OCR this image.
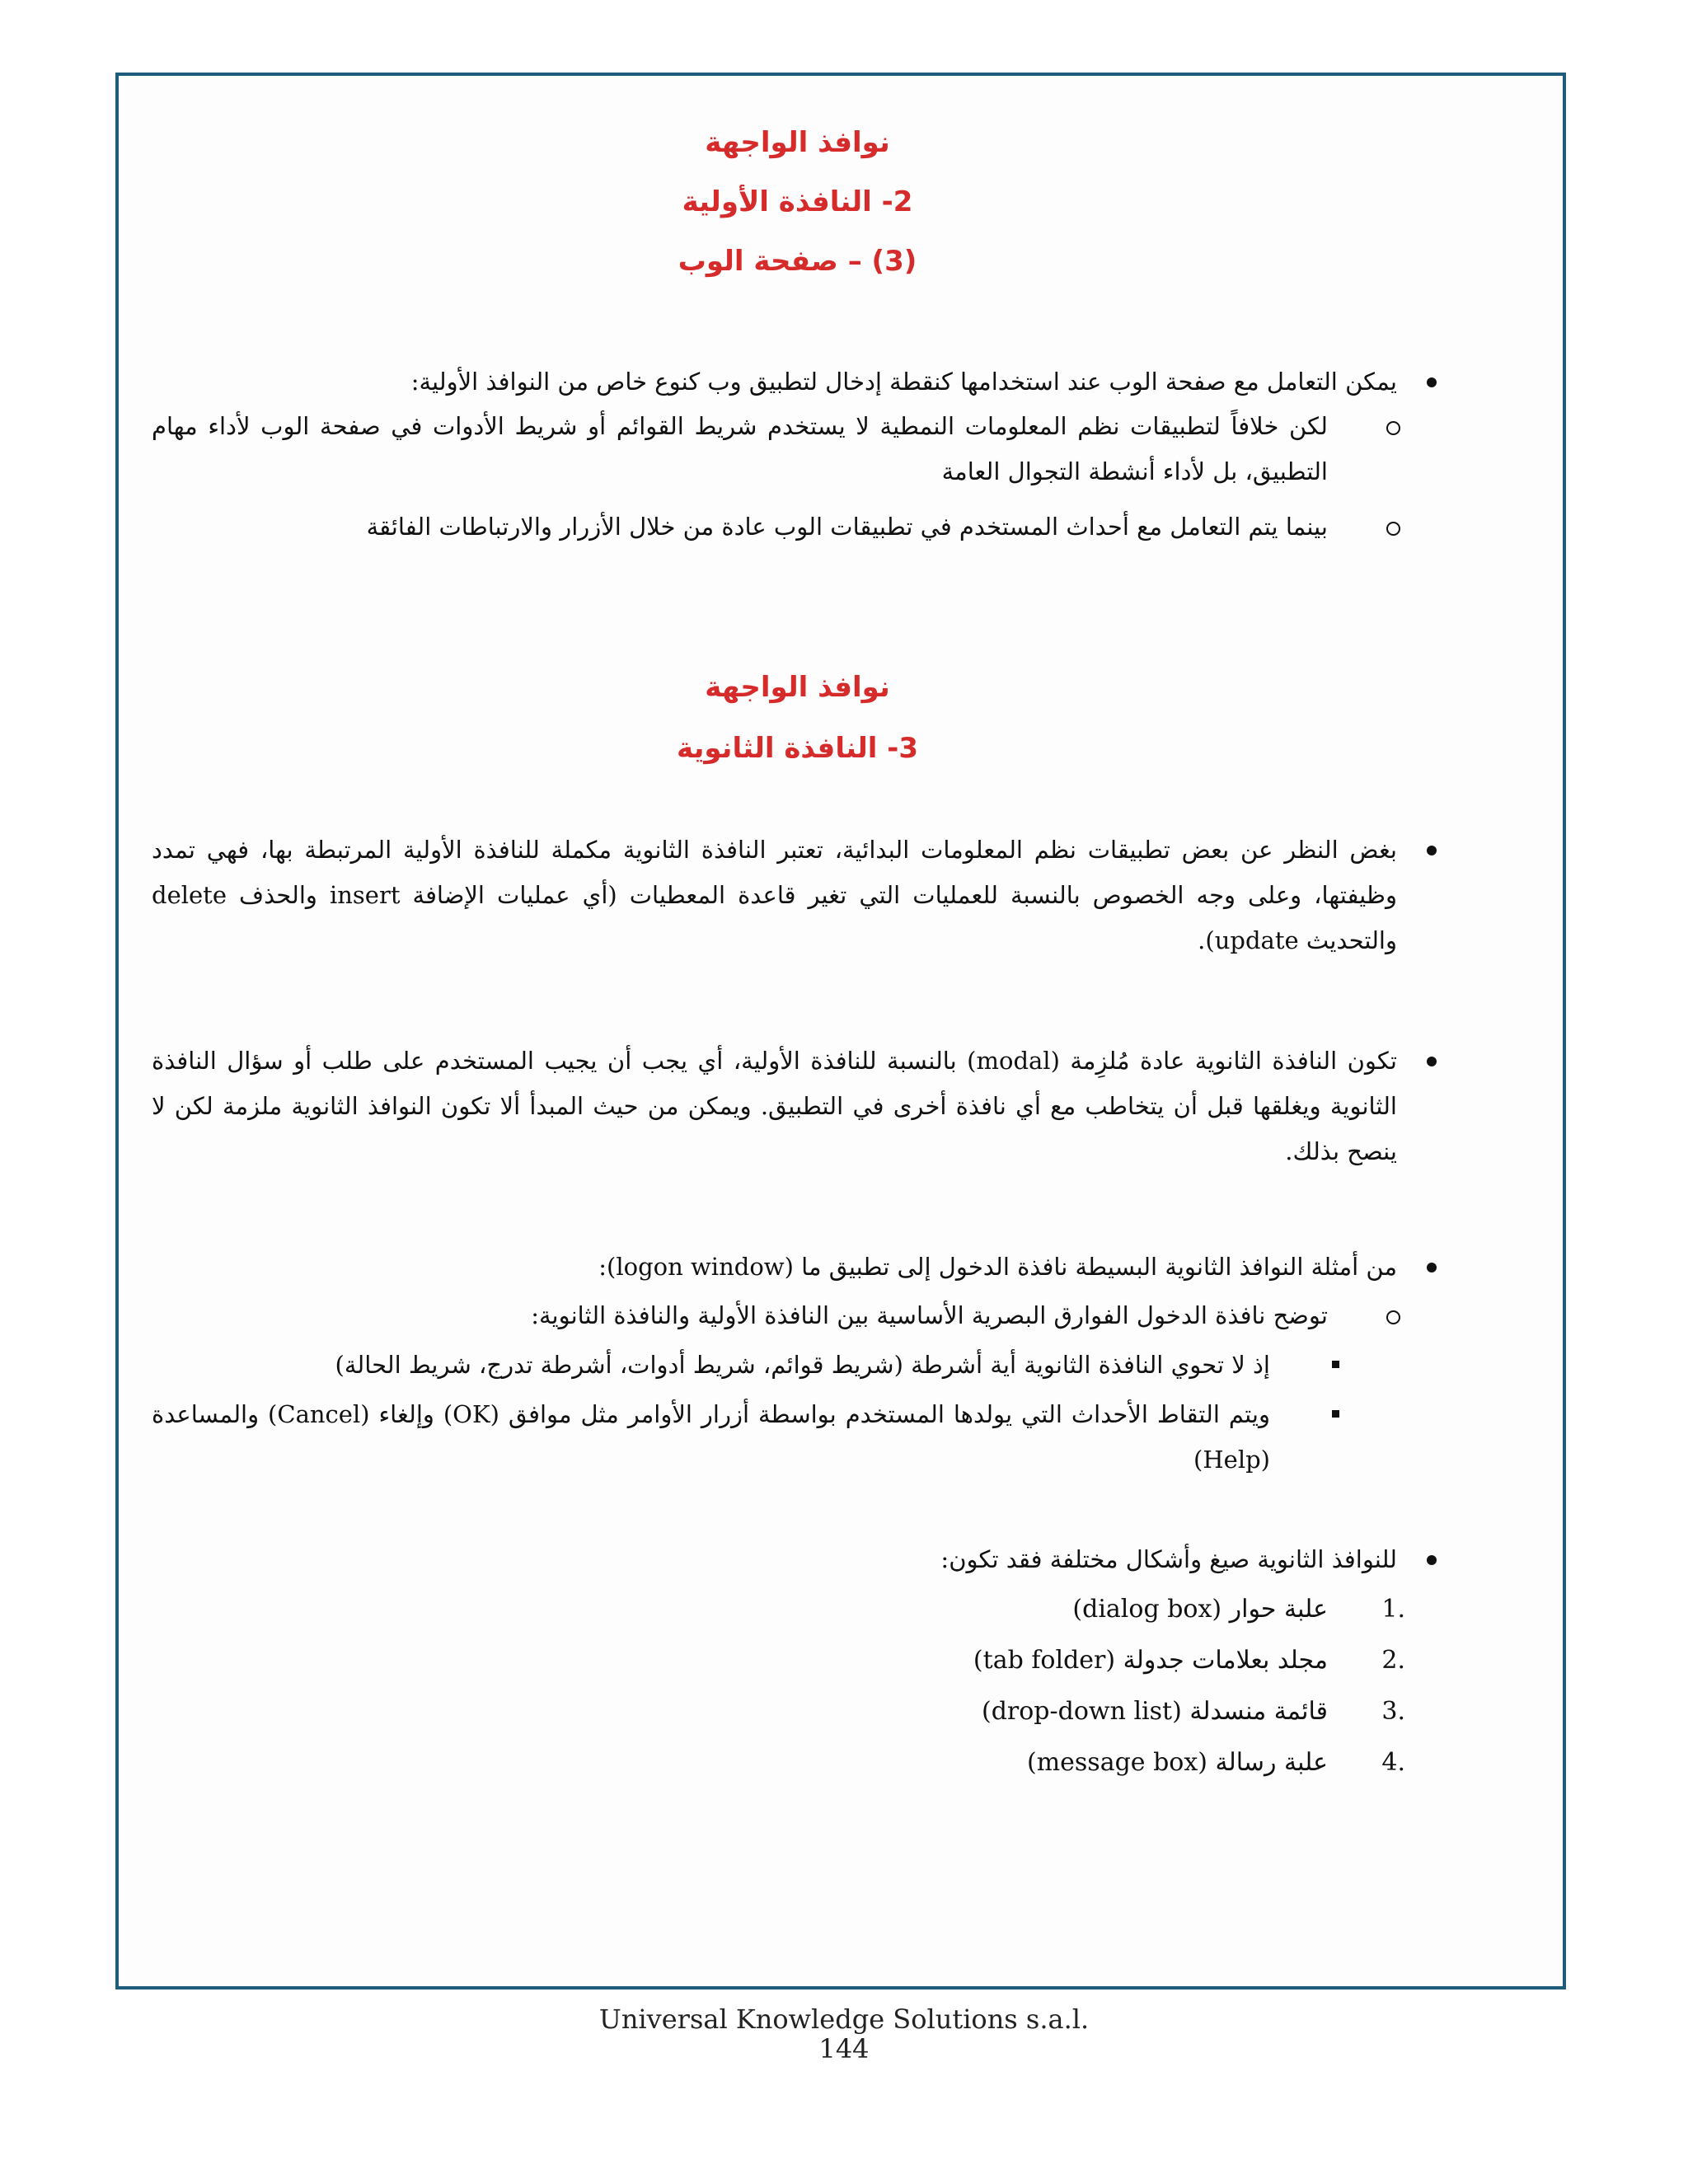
نوافذ الواجهة

2- النافذة الأولية

(3) – صفحة الوب

يمكن التعامل مع صفحة الوب عند استخدامها كنقطة إدخال لتطبيق وب كنوع خاص من النوافذ الأولية:
لكن خلافاً لتطبيقات نظم المعلومات النمطية لا يستخدم شريط القوائم أو شريط الأدوات في صفحة الوب لأداء مهام التطبيق، بل لأداء أنشطة التجوال العامة
بينما يتم التعامل مع أحداث المستخدم في تطبيقات الوب عادة من خلال الأزرار والارتباطات الفائقة

نوافذ الواجهة

3- النافذة الثانوية

بغض النظر عن بعض تطبيقات نظم المعلومات البدائية، تعتبر النافذة الثانوية مكملة للنافذة الأولية المرتبطة بها، فهي تمدد وظيفتها، وعلى وجه الخصوص بالنسبة للعمليات التي تغير قاعدة المعطيات (أي عمليات الإضافة insert والحذف delete والتحديث update).
تكون النافذة الثانوية عادة مُلزِمة (modal) بالنسبة للنافذة الأولية، أي يجب أن يجيب المستخدم على طلب أو سؤال النافذة الثانوية ويغلقها قبل أن يتخاطب مع أي نافذة أخرى في التطبيق. ويمكن من حيث المبدأ ألا تكون النوافذ الثانوية ملزمة لكن لا ينصح بذلك.
من أمثلة النوافذ الثانوية البسيطة نافذة الدخول إلى تطبيق ما (logon window):
توضح نافذة الدخول الفوارق البصرية الأساسية بين النافذة الأولية والنافذة الثانوية:
إذ لا تحوي النافذة الثانوية أية أشرطة (شريط قوائم، شريط أدوات، أشرطة تدرج، شريط الحالة)
ويتم التقاط الأحداث التي يولدها المستخدم بواسطة أزرار الأوامر مثل موافق (OK) وإلغاء (Cancel) والمساعدة (Help)
للنوافذ الثانوية صيغ وأشكال مختلفة فقد تكون:
1.
علبة حوار (dialog box)
2.
مجلد بعلامات جدولة (tab folder)
3.
قائمة منسدلة (drop-down list)
4.
علبة رسالة (message box)
Universal Knowledge Solutions s.a.l.
144
